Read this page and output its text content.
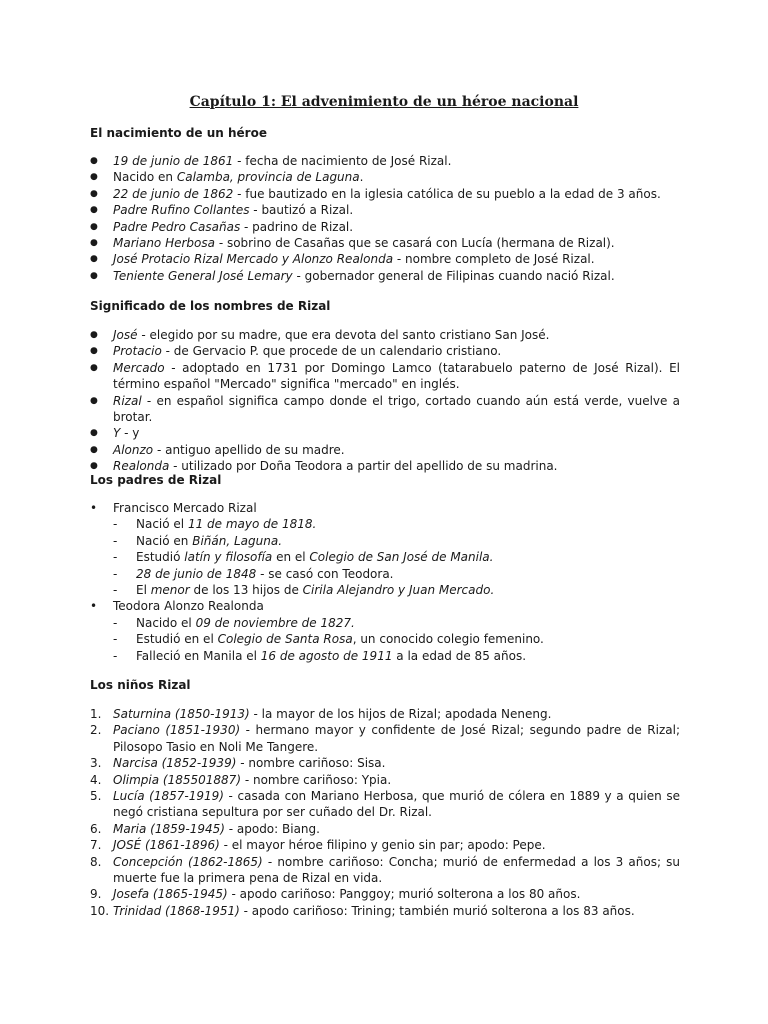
Capítulo 1: El advenimiento de un héroe nacional
El nacimiento de un héroe
●	19 de junio de 1861 - fecha de nacimiento de José Rizal.
●	Nacido en Calamba, provincia de Laguna.
●	22 de junio de 1862 - fue bautizado en la iglesia católica de su pueblo a la edad de 3 años.
●	Padre Rufino Collantes - bautizó a Rizal.
●	Padre Pedro Casañas - padrino de Rizal.
●	Mariano Herbosa - sobrino de Casañas que se casará con Lucía (hermana de Rizal).
●	José Protacio Rizal Mercado y Alonzo Realonda - nombre completo de José Rizal.
●	Teniente General José Lemary - gobernador general de Filipinas cuando nació Rizal.
Significado de los nombres de Rizal
●	José - elegido por su madre, que era devota del santo cristiano San José.
●	Protacio - de Gervacio P. que procede de un calendario cristiano.
●	Mercado - adoptado en 1731 por Domingo Lamco (tatarabuelo paterno de José Rizal). El término español "Mercado" significa "mercado" en inglés.
●	Rizal - en español significa campo donde el trigo, cortado cuando aún está verde, vuelve a brotar.
●	Y - y
●	Alonzo - antiguo apellido de su madre.
●	Realonda - utilizado por Doña Teodora a partir del apellido de su madrina.
Los padres de Rizal
•	Francisco Mercado Rizal
-	Nació el 11 de mayo de 1818.
-	Nació en Biñán, Laguna.
-	Estudió latín y filosofía en el Colegio de San José de Manila.
-	28 de junio de 1848 - se casó con Teodora.
-	El menor de los 13 hijos de Cirila Alejandro y Juan Mercado.
•	Teodora Alonzo Realonda
-	Nacido el 09 de noviembre de 1827.
-	Estudió en el Colegio de Santa Rosa, un conocido colegio femenino.
-	Falleció en Manila el 16 de agosto de 1911 a la edad de 85 años.
Los niños Rizal
1. Saturnina (1850-1913) - la mayor de los hijos de Rizal; apodada Neneng.
2. Paciano (1851-1930) - hermano mayor y confidente de José Rizal; segundo padre de Rizal; Pilosopo Tasio en Noli Me Tangere.
3. Narcisa (1852-1939) - nombre cariñoso: Sisa.
4. Olimpia (185501887) - nombre cariñoso: Ypia.
5. Lucía (1857-1919) - casada con Mariano Herbosa, que murió de cólera en 1889 y a quien se negó cristiana sepultura por ser cuñado del Dr. Rizal.
6. Maria (1859-1945) - apodo: Biang.
7. JOSÉ (1861-1896) - el mayor héroe filipino y genio sin par; apodo: Pepe.
8. Concepción (1862-1865) - nombre cariñoso: Concha; murió de enfermedad a los 3 años; su muerte fue la primera pena de Rizal en vida.
9. Josefa (1865-1945) - apodo cariñoso: Panggoy; murió solterona a los 80 años.
10. Trinidad (1868-1951) - apodo cariñoso: Trining; también murió solterona a los 83 años.
